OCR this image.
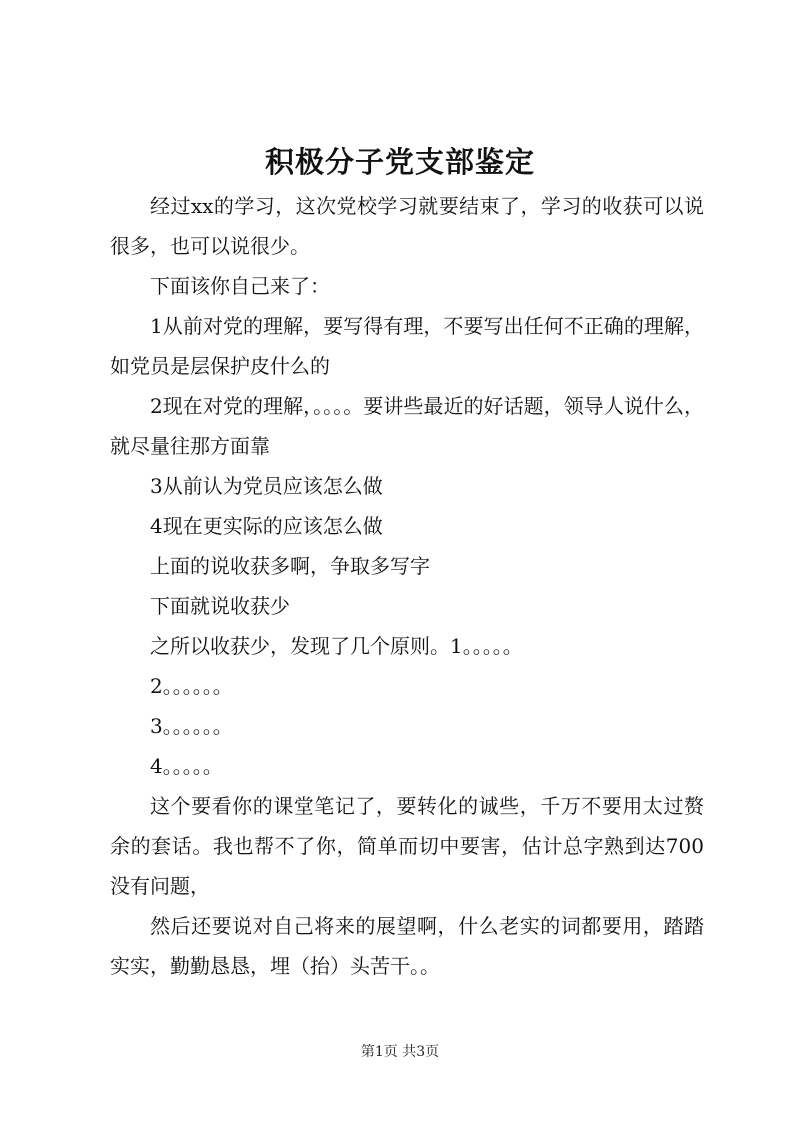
积极分子党支部鉴定

经过xx的学习，这次党校学习就要结束了，学习的收获可以说很多，也可以说很少。

下面该你自己来了：

1从前对党的理解，要写得有理，不要写出任何不正确的理解，如党员是层保护皮什么的

2现在对党的理解，。。。。要讲些最近的好话题，领导人说什么，就尽量往那方面靠

3从前认为党员应该怎么做

4现在更实际的应该怎么做

上面的说收获多啊，争取多写字

下面就说收获少

之所以收获少，发现了几个原则。1。。。。。

2。。。。。。

3。。。。。。

4。。。。。

这个要看你的课堂笔记了，要转化的诚些，千万不要用太过赘余的套话。我也帮不了你，简单而切中要害，估计总字熟到达700没有问题，

然后还要说对自己将来的展望啊，什么老实的词都要用，踏踏实实，勤勤恳恳，埋（抬）头苦干。。

第1页 共3页
